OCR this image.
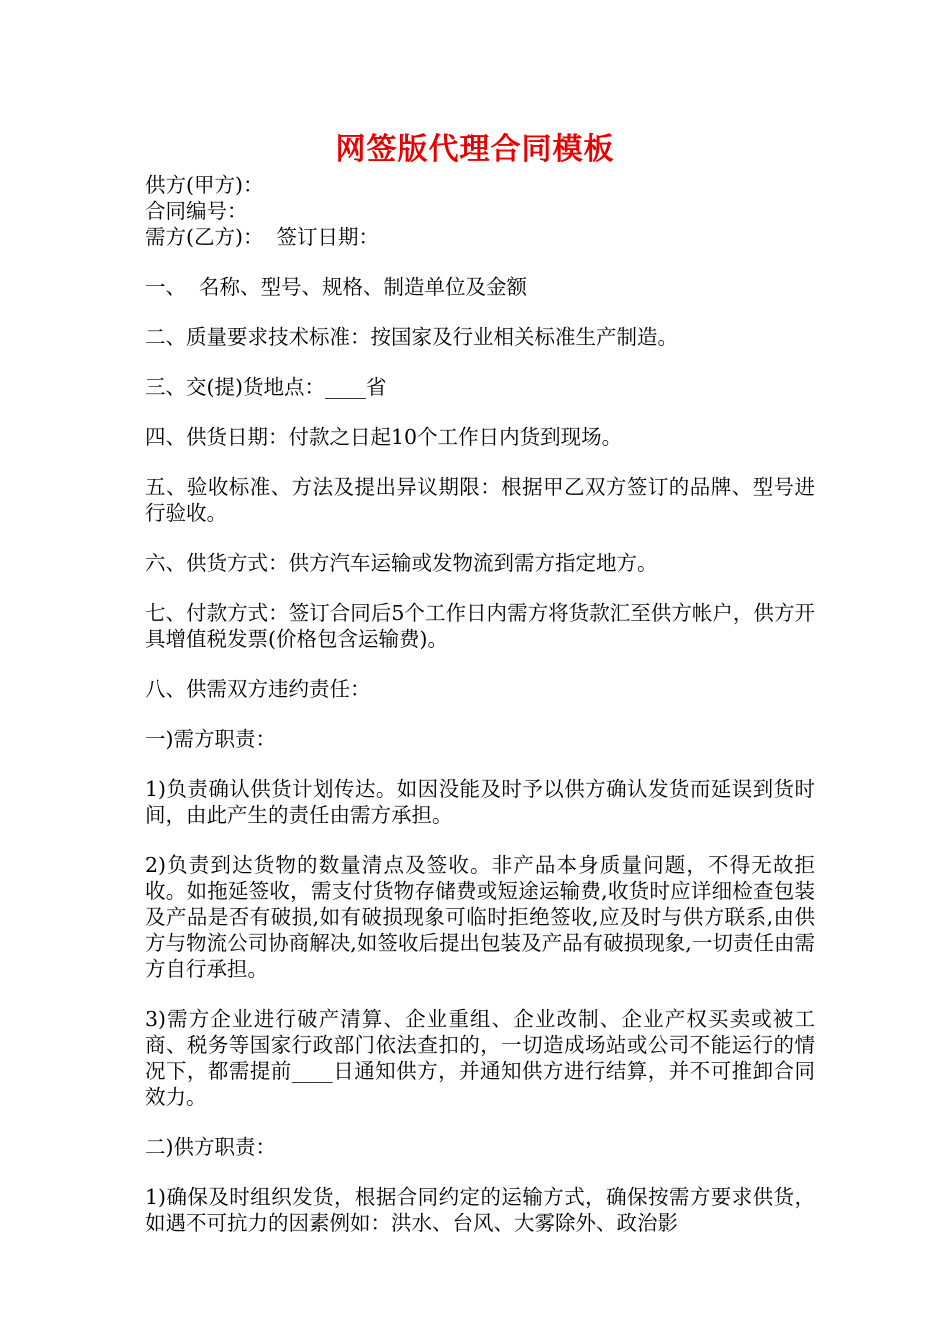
网签版代理合同模板
供方(甲方)：
合同编号：
需方(乙方)：  签订日期：

一、  名称、型号、规格、制造单位及金额

二、质量要求技术标准：按国家及行业相关标准生产制造。

三、交(提)货地点：____省

四、供货日期：付款之日起10个工作日内货到现场。

五、验收标准、方法及提出异议期限：根据甲乙双方签订的品牌、型号进行验收。

六、供货方式：供方汽车运输或发物流到需方指定地方。

七、付款方式：签订合同后5个工作日内需方将货款汇至供方帐户，供方开具增值税发票(价格包含运输费)。

八、供需双方违约责任：

一)需方职责：

1)负责确认供货计划传达。如因没能及时予以供方确认发货而延误到货时间，由此产生的责任由需方承担。

2)负责到达货物的数量清点及签收。非产品本身质量问题，不得无故拒收。如拖延签收，需支付货物存储费或短途运输费,收货时应详细检查包装及产品是否有破损,如有破损现象可临时拒绝签收,应及时与供方联系,由供方与物流公司协商解决,如签收后提出包装及产品有破损现象,一切责任由需方自行承担。

3)需方企业进行破产清算、企业重组、企业改制、企业产权买卖或被工商、税务等国家行政部门依法查扣的，一切造成场站或公司不能运行的情况下，都需提前____日通知供方，并通知供方进行结算，并不可推卸合同效力。

二)供方职责：

1)确保及时组织发货，根据合同约定的运输方式，确保按需方要求供货，如遇不可抗力的因素例如：洪水、台风、大雾除外、政治影
